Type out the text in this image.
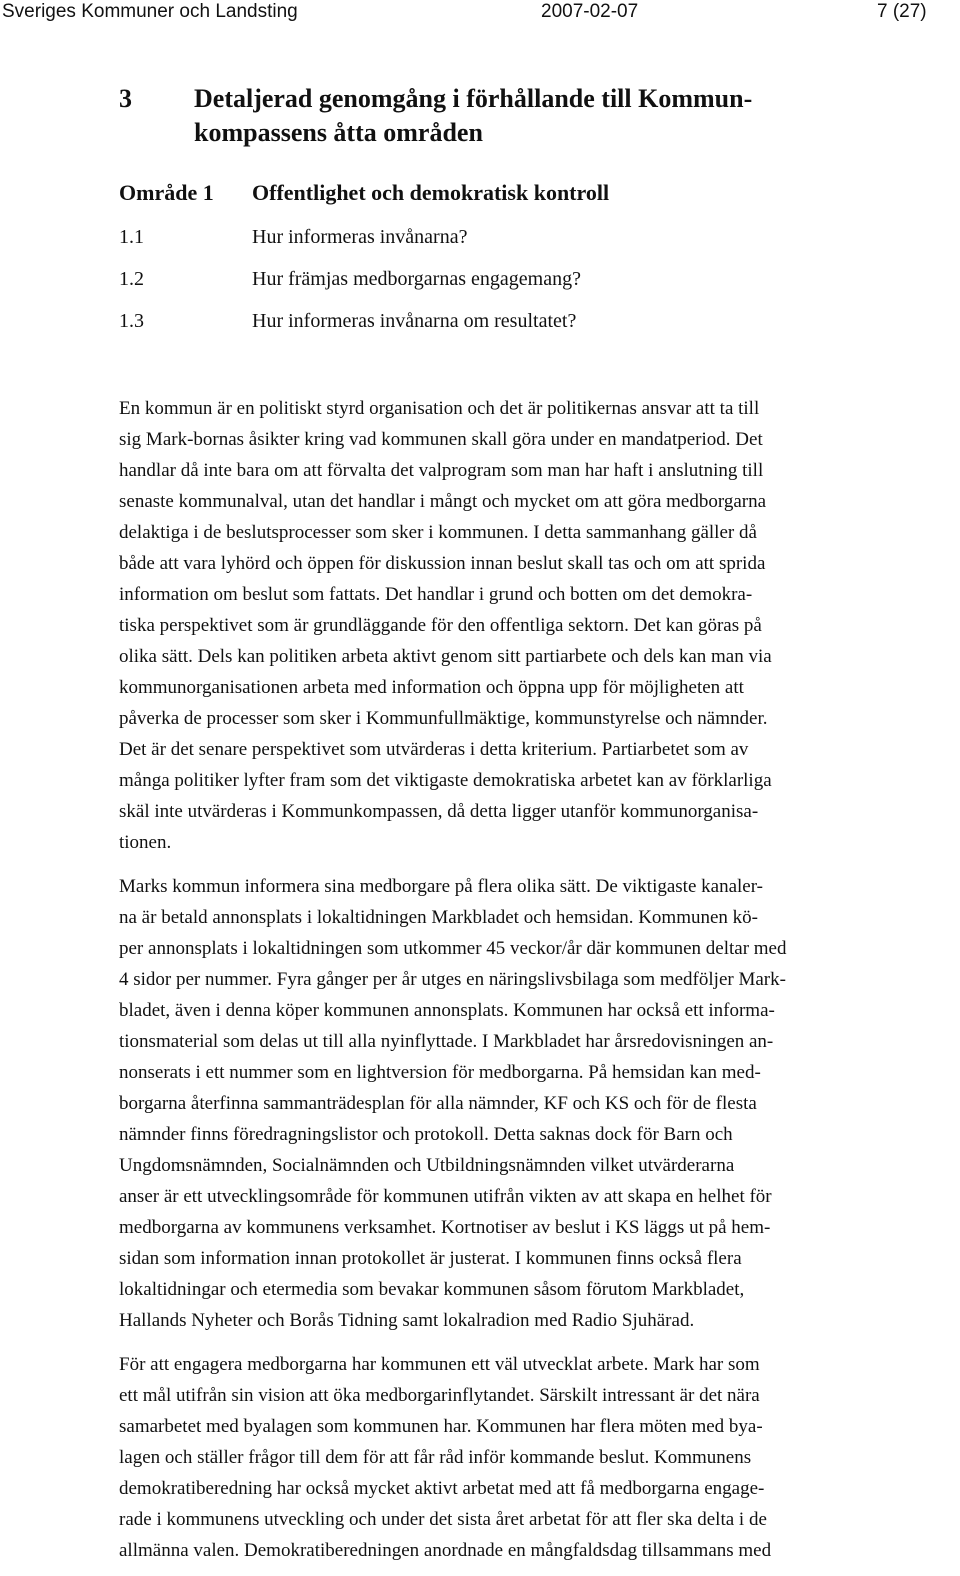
Sveriges Kommuner och Landsting	2007-02-07	7 (27)
3 Detaljerad genomgång i förhållande till Kommun-
kompassens åtta områden
Område 1 Offentlighet och demokratisk kontroll
1.1	Hur informeras invånarna?
1.2	Hur främjas medborgarnas engagemang?
1.3	Hur informeras invånarna om resultatet?
En kommun är en politiskt styrd organisation och det är politikernas ansvar att ta till
sig Mark-bornas åsikter kring vad kommunen skall göra under en mandatperiod. Det
handlar då inte bara om att förvalta det valprogram som man har haft i anslutning till
senaste kommunalval, utan det handlar i mångt och mycket om att göra medborgarna
delaktiga i de beslutsprocesser som sker i kommunen. I detta sammanhang gäller då
både att vara lyhörd och öppen för diskussion innan beslut skall tas och om att sprida
information om beslut som fattats. Det handlar i grund och botten om det demokra-
tiska perspektivet som är grundläggande för den offentliga sektorn. Det kan göras på
olika sätt. Dels kan politiken arbeta aktivt genom sitt partiarbete och dels kan man via
kommunorganisationen arbeta med information och öppna upp för möjligheten att
påverka de processer som sker i Kommunfullmäktige, kommunstyrelse och nämnder.
Det är det senare perspektivet som utvärderas i detta kriterium. Partiarbetet som av
många politiker lyfter fram som det viktigaste demokratiska arbetet kan av förklarliga
skäl inte utvärderas i Kommunkompassen, då detta ligger utanför kommunorganisa-
tionen.
Marks kommun informera sina medborgare på flera olika sätt. De viktigaste kanaler-
na är betald annonsplats i lokaltidningen Markbladet och hemsidan. Kommunen kö-
per annonsplats i lokaltidningen som utkommer 45 veckor/år där kommunen deltar med
4 sidor per nummer. Fyra gånger per år utges en näringslivsbilaga som medföljer Mark-
bladet, även i denna köper kommunen annonsplats. Kommunen har också ett informa-
tionsmaterial som delas ut till alla nyinflyttade. I Markbladet har årsredovisningen an-
nonserats i ett nummer som en lightversion för medborgarna. På hemsidan kan med-
borgarna återfinna sammanträdesplan för alla nämnder, KF och KS och för de flesta
nämnder finns föredragningslistor och protokoll. Detta saknas dock för Barn och
Ungdomsnämnden, Socialnämnden och Utbildningsnämnden vilket utvärderarna
anser är ett utvecklingsområde för kommunen utifrån vikten av att skapa en helhet för
medborgarna av kommunens verksamhet. Kortnotiser av beslut i KS läggs ut på hem-
sidan som information innan protokollet är justerat. I kommunen finns också flera
lokaltidningar och etermedia som bevakar kommunen såsom förutom Markbladet,
Hallands Nyheter och Borås Tidning samt lokalradion med Radio Sjuhärad.
För att engagera medborgarna har kommunen ett väl utvecklat arbete. Mark har som
ett mål utifrån sin vision att öka medborgarinflytandet. Särskilt intressant är det nära
samarbetet med byalagen som kommunen har. Kommunen har flera möten med bya-
lagen och ställer frågor till dem för att får råd inför kommande beslut. Kommunens
demokratiberedning har också mycket aktivt arbetat med att få medborgarna engage-
rade i kommunens utveckling och under det sista året arbetat för att fler ska delta i de
allmänna valen. Demokratiberedningen anordnade en mångfaldsdag tillsammans med
